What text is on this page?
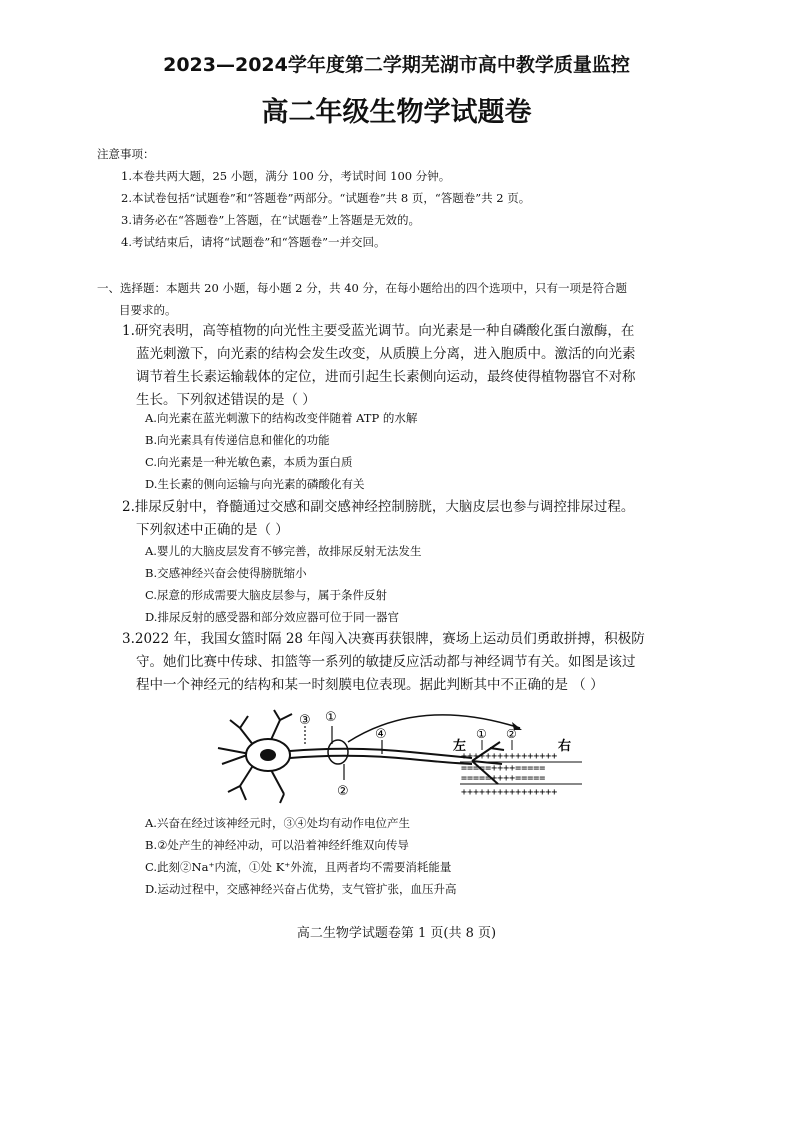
2023—2024学年度第二学期芜湖市高中教学质量监控
高二年级生物学试题卷

注意事项：

1.本卷共两大题，25 小题，满分 100 分，考试时间 100 分钟。

2.本试卷包括“试题卷”和“答题卷”两部分。“试题卷”共 8 页，“答题卷”共 2 页。

3.请务必在“答题卷”上答题，在“试题卷”上答题是无效的。

4.考试结束后，请将“试题卷”和“答题卷”一并交回。

一、选择题：本题共 20 小题，每小题 2 分，共 40 分，在每小题给出的四个选项中，只有一项是符合题
目要求的。
1.研究表明，高等植物的向光性主要受蓝光调节。向光素是一种自磷酸化蛋白激酶，在
蓝光刺激下，向光素的结构会发生改变，从质膜上分离，进入胞质中。激活的向光素
调节着生长素运输载体的定位，进而引起生长素侧向运动，最终使得植物器官不对称
生长。下列叙述错误的是（ ）

A.向光素在蓝光刺激下的结构改变伴随着 ATP 的水解

B.向光素具有传递信息和催化的功能

C.向光素是一种光敏色素，本质为蛋白质

D.生长素的侧向运输与向光素的磷酸化有关

2.排尿反射中，脊髓通过交感和副交感神经控制膀胱，大脑皮层也参与调控排尿过程。
下列叙述中正确的是（ ）

A.婴儿的大脑皮层发育不够完善，故排尿反射无法发生

B.交感神经兴奋会使得膀胱缩小

C.尿意的形成需要大脑皮层参与，属于条件反射

D.排尿反射的感受器和部分效应器可位于同一器官

3.2022 年，我国女篮时隔 28 年闯入决赛再获银牌，赛场上运动员们勇敢拼搏，积极防
守。她们比赛中传球、扣篮等一系列的敏捷反应活动都与神经调节有关。如图是该过
程中一个神经元的结构和某一时刻膜电位表现。据此判断其中不正确的是 （ ）
③ ①
②
④
左	右
① ②
++++++++++++++++
=====++++=====
=====++++=====
++++++++++++++++

A.兴奋在经过该神经元时，③④处均有动作电位产生

B.②处产生的神经冲动，可以沿着神经纤维双向传导

C.此刻②Na⁺内流，①处 K⁺外流，且两者均不需要消耗能量

D.运动过程中，交感神经兴奋占优势，支气管扩张，血压升高

高二生物学试题卷第 1 页(共 8 页)
